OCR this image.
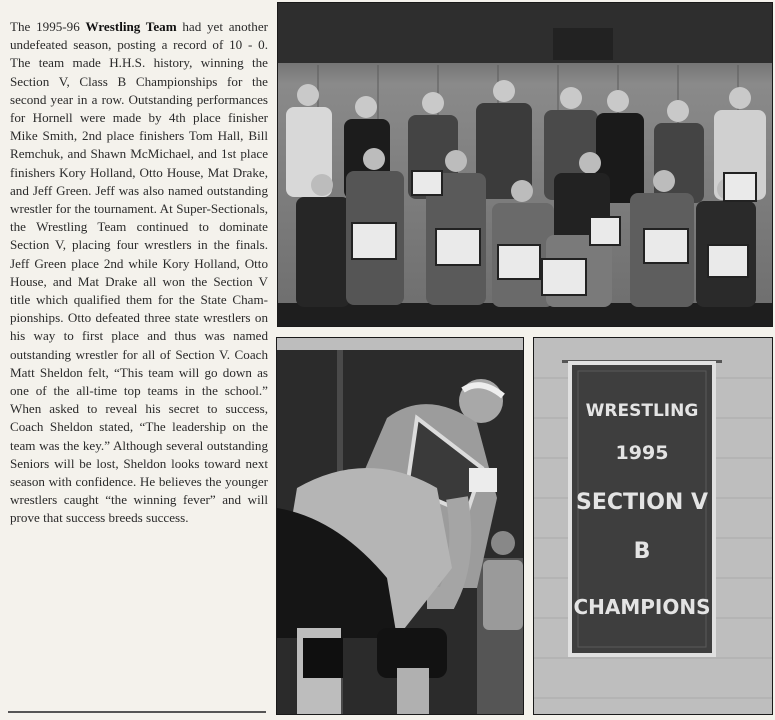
The 1995-96 Wrestling Team had yet another undefeated season, posting a record of 10 - 0. The team made H.H.S. history, winning the Section V, Class B Championships for the second year in a row. Outstanding performances for Hornell were made by 4th place finisher Mike Smith, 2nd place finishers Tom Hall, Bill Remchuk, and Shawn McMichael, and 1st place finishers Kory Holland, Otto House, Mat Drake, and Jeff Green. Jeff was also named outstanding wrestler for the tournament. At Super-Sectionals, the Wrestling Team continued to dominate Section V, placing four wrestlers in the finals. Jeff Green place 2nd while Kory Holland, Otto House, and Mat Drake all won the Section V title which qualified them for the State Championships. Otto defeated three state wrestlers on his way to first place and thus was named outstanding wrestler for all of Section V. Coach Matt Sheldon felt, “This team will go down as one of the all-time top teams in the school.” When asked to reveal his secret to success, Coach Sheldon stated, “The leadership on the team was the key.” Although several outstanding Seniors will be lost, Sheldon looks toward next season with confidence. He believes the younger wrestlers caught “the winning fever” and will prove that success breeds success.

WRESTLING
1995
SECTION V
B
CHAMPIONS
